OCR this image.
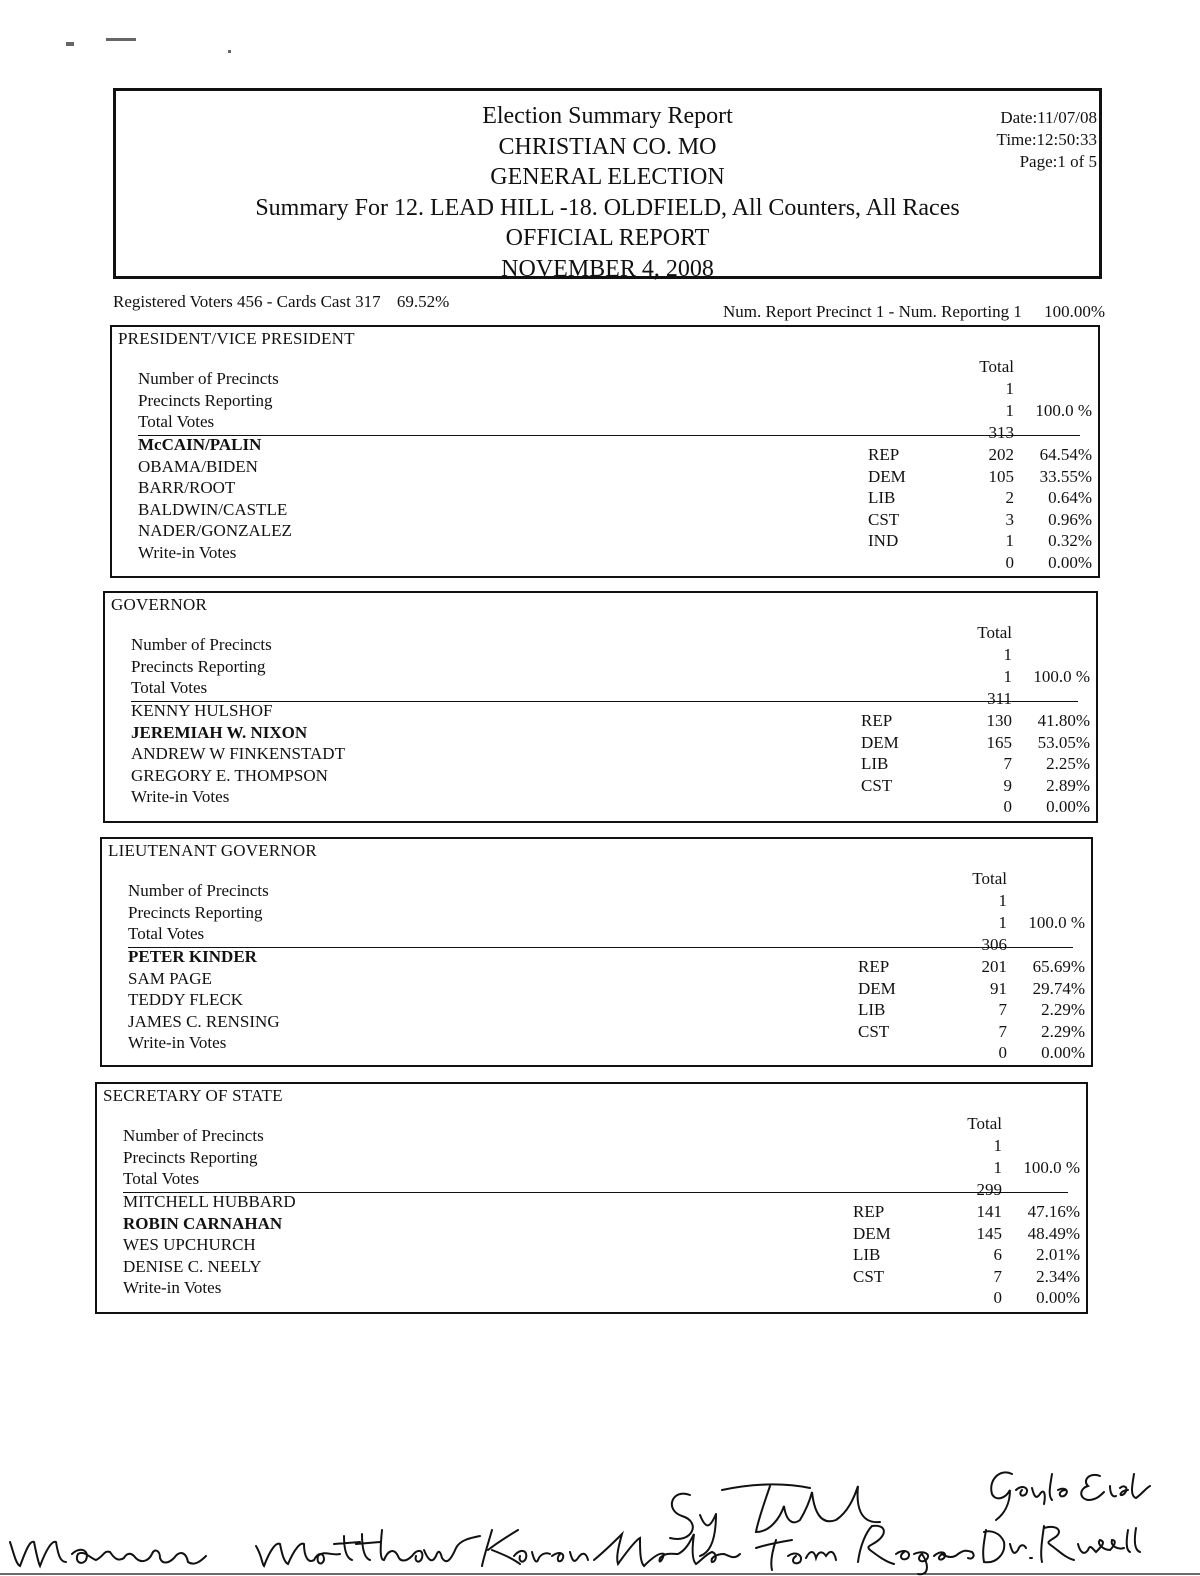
Election Summary Report
CHRISTIAN CO. MO
GENERAL ELECTION
Summary For 12. LEAD HILL -18. OLDFIELD, All Counters, All Races
OFFICIAL REPORT
NOVEMBER 4, 2008
Date:11/07/08
Time:12:50:33
Page:1 of 5
Registered Voters 456 - Cards Cast 317 69.52%
Num. Report Precinct 1 - Num. Reporting 1 100.00%
PRESIDENT/VICE PRESIDENT
Total
Number of Precincts
1
Precincts Reporting
1 100.0 %
Total Votes
313
McCAIN/PALIN
OBAMA/BIDEN
BARR/ROOT
BALDWIN/CASTLE
NADER/GONZALEZ
Write-in Votes
REP
DEM
LIB
CST
IND
202
105
2
3
1
0
64.54%
33.55%
0.64%
0.96%
0.32%
0.00%
GOVERNOR
Total
Number of Precincts
1
Precincts Reporting
1 100.0 %
Total Votes
311
KENNY HULSHOF
JEREMIAH W. NIXON
ANDREW W FINKENSTADT
GREGORY E. THOMPSON
Write-in Votes
REP
DEM
LIB
CST
130
165
7
9
0
41.80%
53.05%
2.25%
2.89%
0.00%
LIEUTENANT GOVERNOR
Total
Number of Precincts
1
Precincts Reporting
1 100.0 %
Total Votes
306
PETER KINDER
SAM PAGE
TEDDY FLECK
JAMES C. RENSING
Write-in Votes
REP
DEM
LIB
CST
201
91
7
7
0
65.69%
29.74%
2.29%
2.29%
0.00%
SECRETARY OF STATE
Total
Number of Precincts
1
Precincts Reporting
1 100.0 %
Total Votes
299
MITCHELL HUBBARD
ROBIN CARNAHAN
WES UPCHURCH
DENISE C. NEELY
Write-in Votes
REP
DEM
LIB
CST
141
145
6
7
0
47.16%
48.49%
2.01%
2.34%
0.00%
